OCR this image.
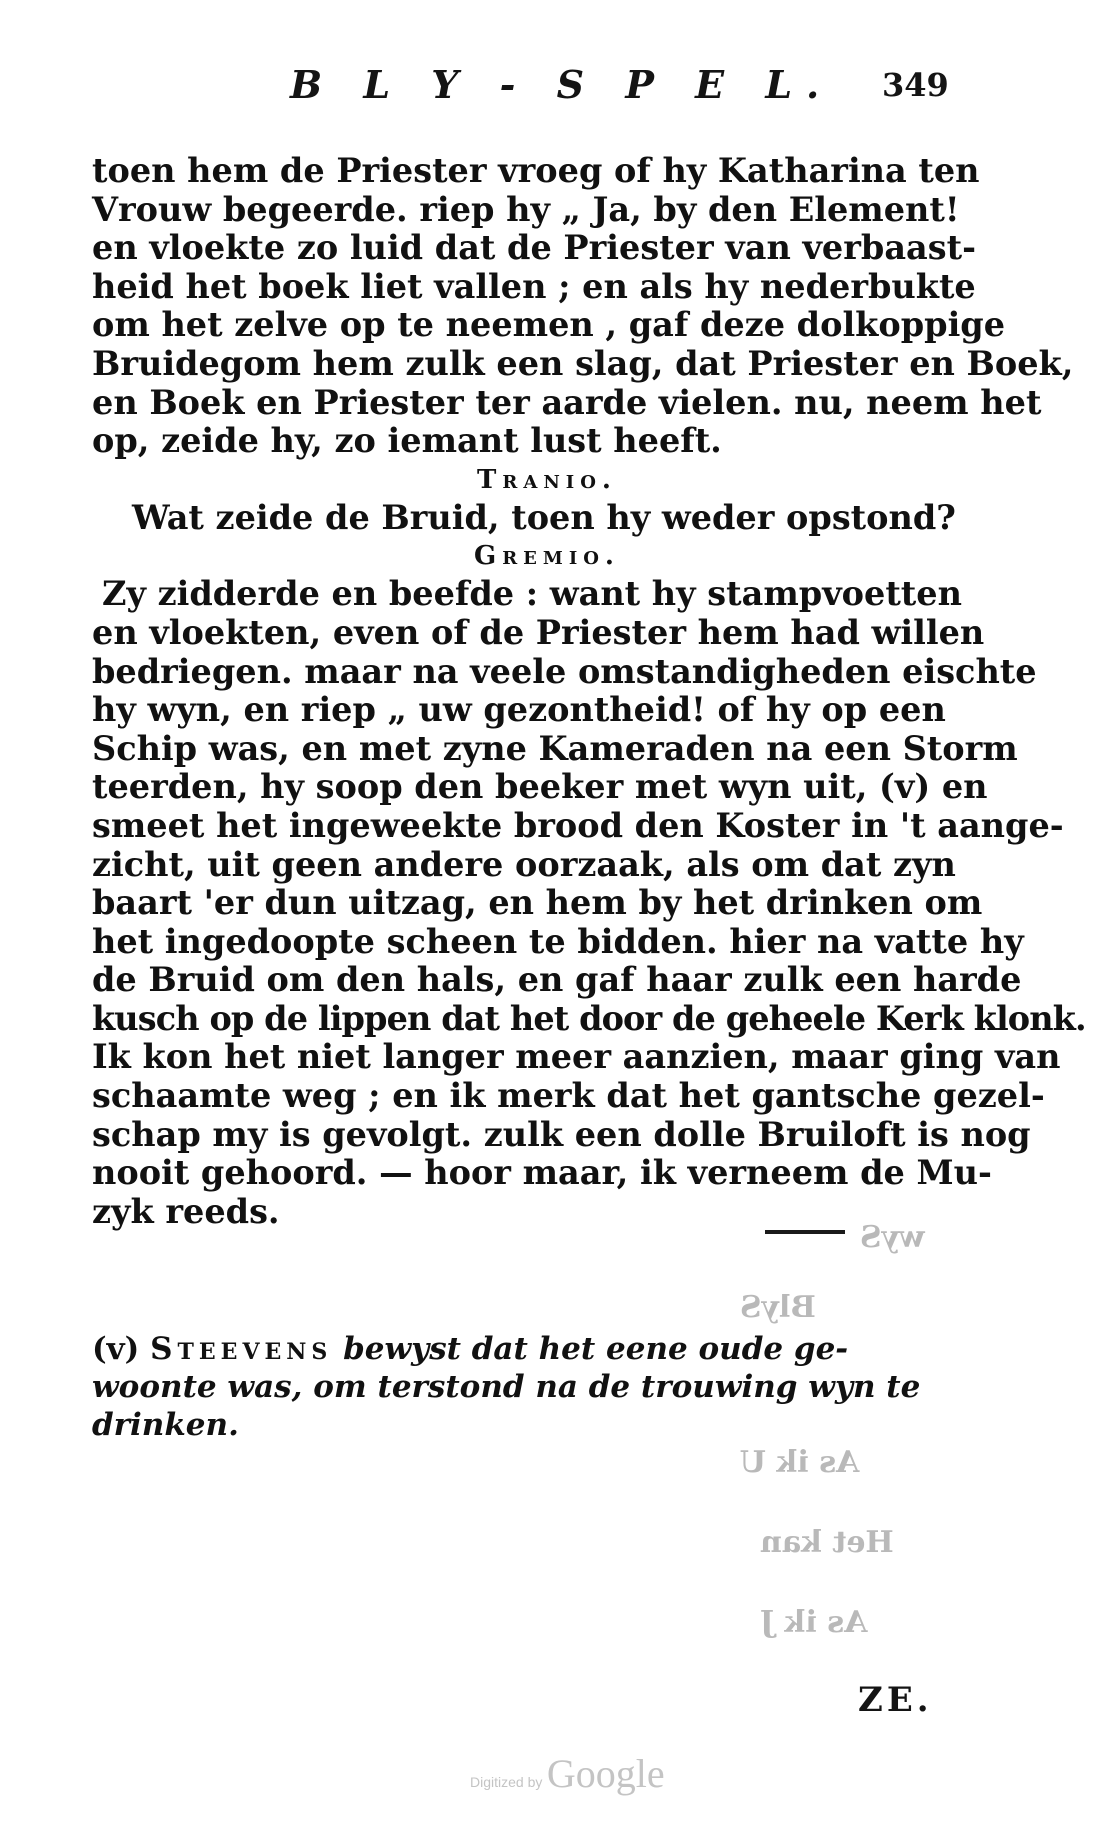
B L Y - S P E L. 349

toen hem de Priester vroeg of hy Katharina ten

Vrouw begeerde. riep hy „ Ja, by den Element!

en vloekte zo luid dat de Priester van verbaast-

heid het boek liet vallen ; en als hy nederbukte

om het zelve op te neemen , gaf deze dolkoppige

Bruidegom hem zulk een slag, dat Priester en Boek,

en Boek en Priester ter aarde vielen. nu, neem het

op, zeide hy, zo iemant lust heeft.

Tranio.

Wat zeide de Bruid, toen hy weder opstond?

Gremio.

Zy zidderde en beefde : want hy stampvoetten

en vloekten, even of de Priester hem had willen

bedriegen. maar na veele omstandigheden eischte

hy wyn, en riep „ uw gezontheid! of hy op een

Schip was, en met zyne Kameraden na een Storm

teerden, hy soop den beeker met wyn uit, (v) en

smeet het ingeweekte brood den Koster in 't aange-

zicht, uit geen andere oorzaak, als om dat zyn

baart 'er dun uitzag, en hem by het drinken om

het ingedoopte scheen te bidden. hier na vatte hy

de Bruid om den hals, en gaf haar zulk een harde

kusch op de lippen dat het door de geheele Kerk klonk.

Ik kon het niet langer meer aanzien, maar ging van

schaamte weg ; en ik merk dat het gantsche gezel-

schap my is gevolgt. zulk een dolle Bruiloft is nog

nooit gehoord. — hoor maar, ik verneem de Mu-

zyk reeds.

wyS
BlyS
As ik U
Het kan
As ik J

(v) Steevens bewyst dat het eene oude ge-

woonte was, om terstond na de trouwing wyn te

drinken.

ZE.
Digitized by Google
